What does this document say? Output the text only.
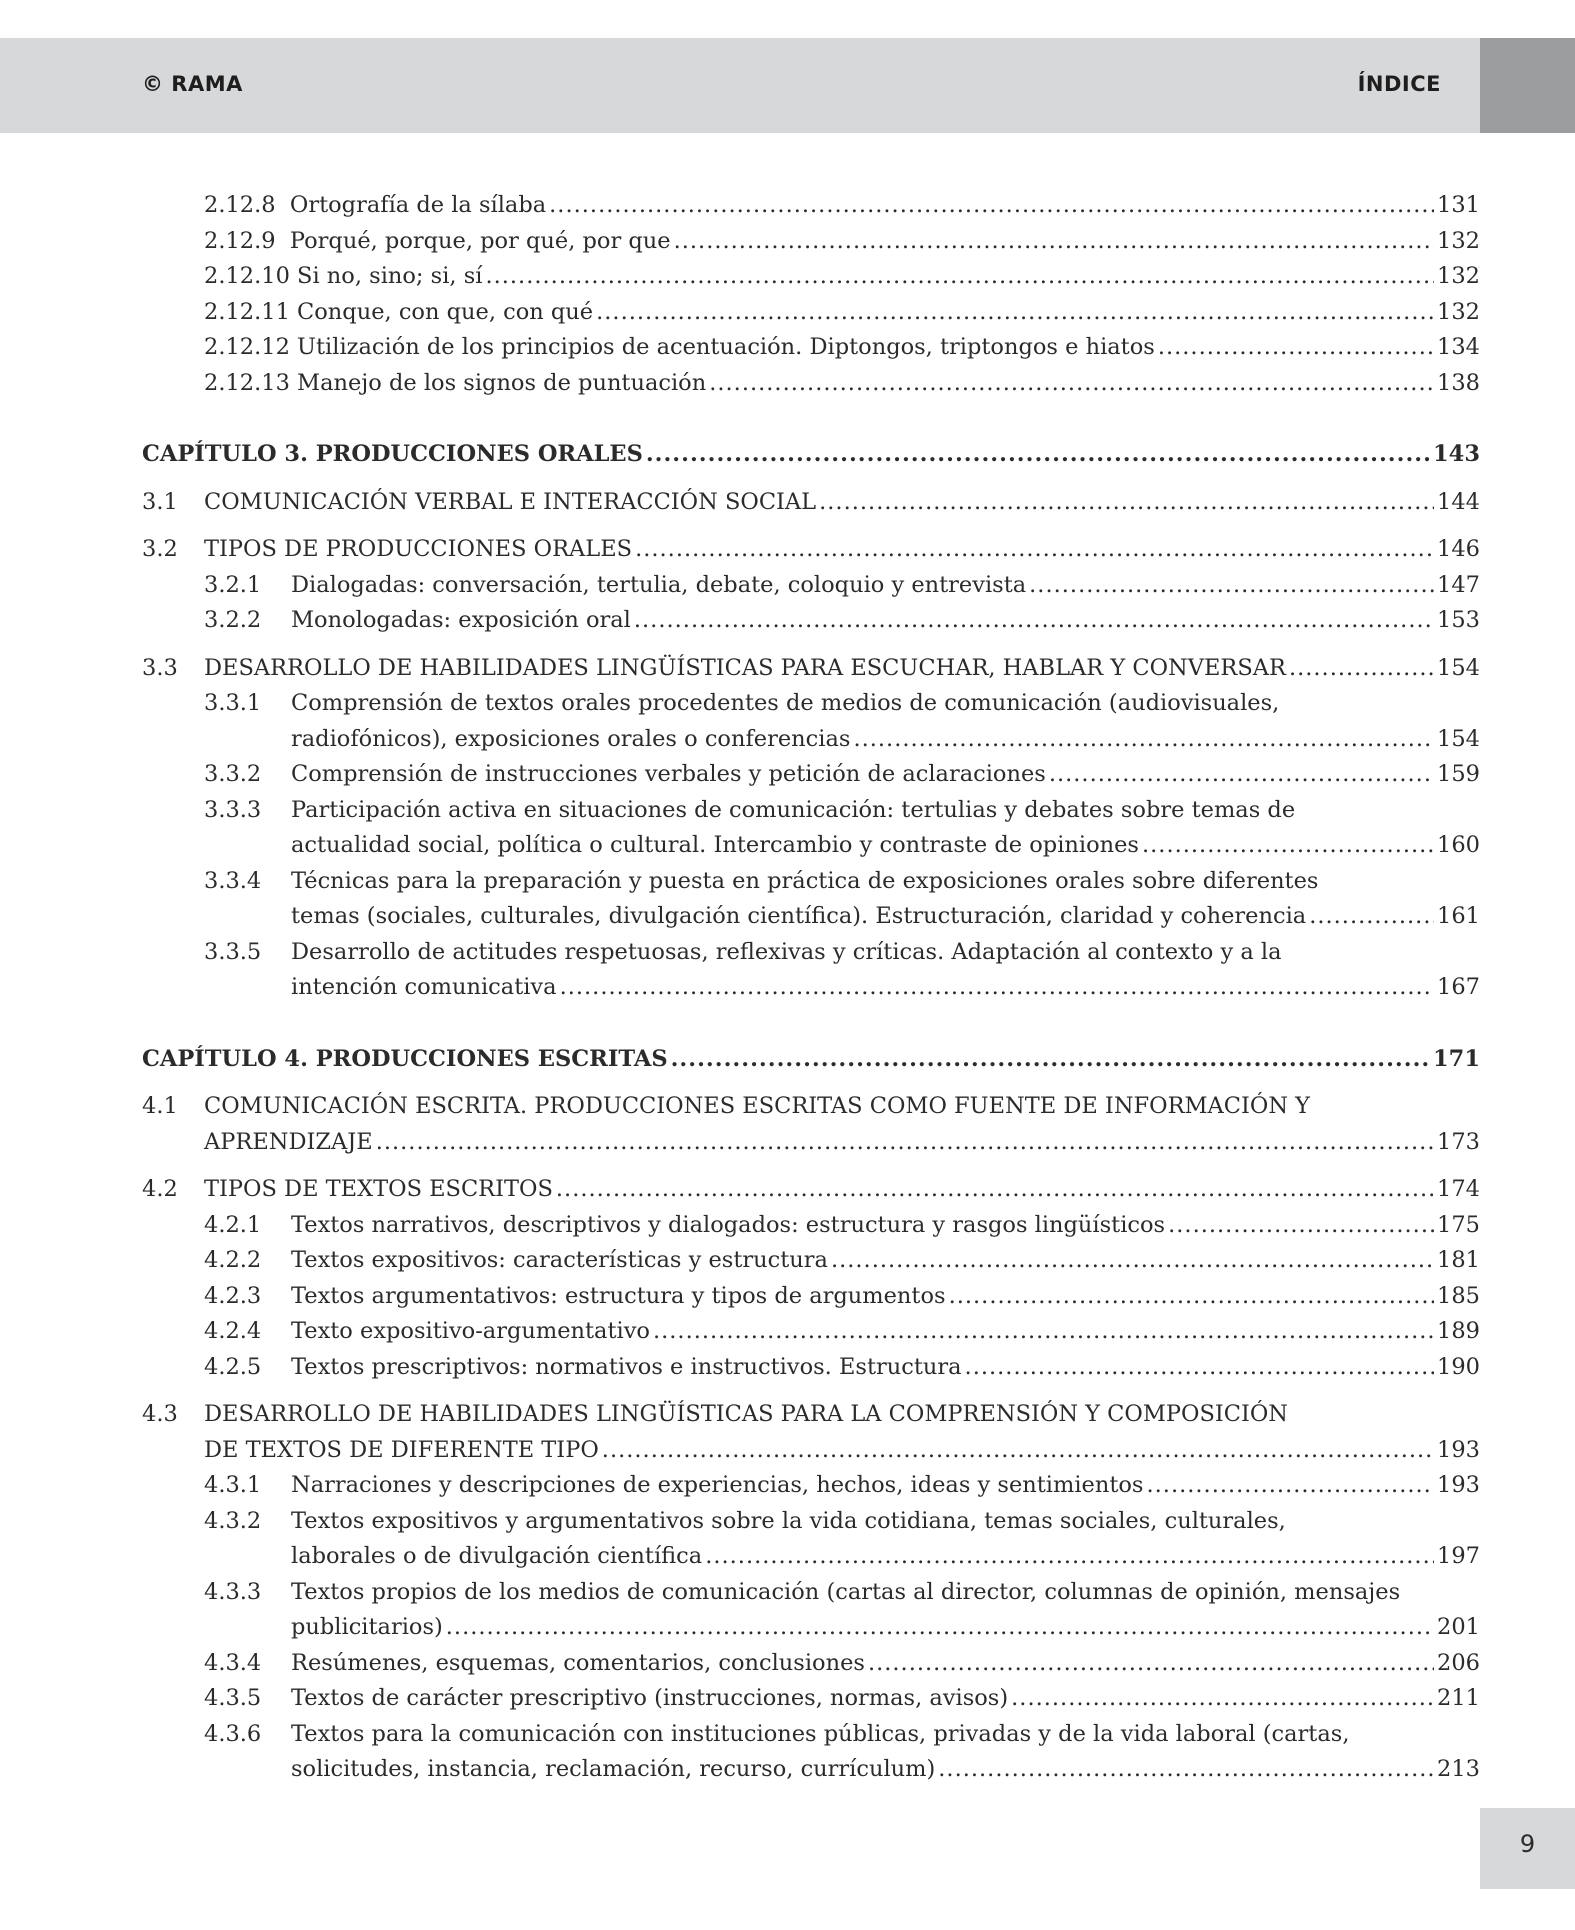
© RAMA	ÍNDICE
2.12.8 Ortografía de la sílaba .....	131
2.12.9 Porqué, porque, por qué, por que .....	132
2.12.10 Si no, sino; si, sí .....	132
2.12.11 Conque, con que, con qué .....	132
2.12.12 Utilización de los principios de acentuación. Diptongos, triptongos e hiatos .....	134
2.12.13 Manejo de los signos de puntuación .....	138
CAPÍTULO 3. PRODUCCIONES ORALES .....	143
3.1 COMUNICACIÓN VERBAL E INTERACCIÓN SOCIAL .....	144
3.2 TIPOS DE PRODUCCIONES ORALES .....	146
3.2.1 Dialogadas: conversación, tertulia, debate, coloquio y entrevista .....	147
3.2.2 Monologadas: exposición oral .....	153
3.3 DESARROLLO DE HABILIDADES LINGÜÍSTICAS PARA ESCUCHAR, HABLAR Y CONVERSAR .....	154
3.3.1 Comprensión de textos orales procedentes de medios de comunicación (audiovisuales,
radiofónicos), exposiciones orales o conferencias .....	154
3.3.2 Comprensión de instrucciones verbales y petición de aclaraciones .....	159
3.3.3 Participación activa en situaciones de comunicación: tertulias y debates sobre temas de
actualidad social, política o cultural. Intercambio y contraste de opiniones .....	160
3.3.4 Técnicas para la preparación y puesta en práctica de exposiciones orales sobre diferentes
temas (sociales, culturales, divulgación científica). Estructuración, claridad y coherencia .....	161
3.3.5 Desarrollo de actitudes respetuosas, reflexivas y críticas. Adaptación al contexto y a la
intención comunicativa .....	167
CAPÍTULO 4. PRODUCCIONES ESCRITAS .....	171
4.1 COMUNICACIÓN ESCRITA. PRODUCCIONES ESCRITAS COMO FUENTE DE INFORMACIÓN Y
APRENDIZAJE .....	173
4.2 TIPOS DE TEXTOS ESCRITOS .....	174
4.2.1 Textos narrativos, descriptivos y dialogados: estructura y rasgos lingüísticos .....	175
4.2.2 Textos expositivos: características y estructura .....	181
4.2.3 Textos argumentativos: estructura y tipos de argumentos .....	185
4.2.4 Texto expositivo-argumentativo .....	189
4.2.5 Textos prescriptivos: normativos e instructivos. Estructura .....	190
4.3 DESARROLLO DE HABILIDADES LINGÜÍSTICAS PARA LA COMPRENSIÓN Y COMPOSICIÓN
DE TEXTOS DE DIFERENTE TIPO .....	193
4.3.1 Narraciones y descripciones de experiencias, hechos, ideas y sentimientos .....	193
4.3.2 Textos expositivos y argumentativos sobre la vida cotidiana, temas sociales, culturales,
laborales o de divulgación científica .....	197
4.3.3 Textos propios de los medios de comunicación (cartas al director, columnas de opinión, mensajes
publicitarios) .....	201
4.3.4 Resúmenes, esquemas, comentarios, conclusiones .....	206
4.3.5 Textos de carácter prescriptivo (instrucciones, normas, avisos) .....	211
4.3.6 Textos para la comunicación con instituciones públicas, privadas y de la vida laboral (cartas,
solicitudes, instancia, reclamación, recurso, currículum) .....	213
9
